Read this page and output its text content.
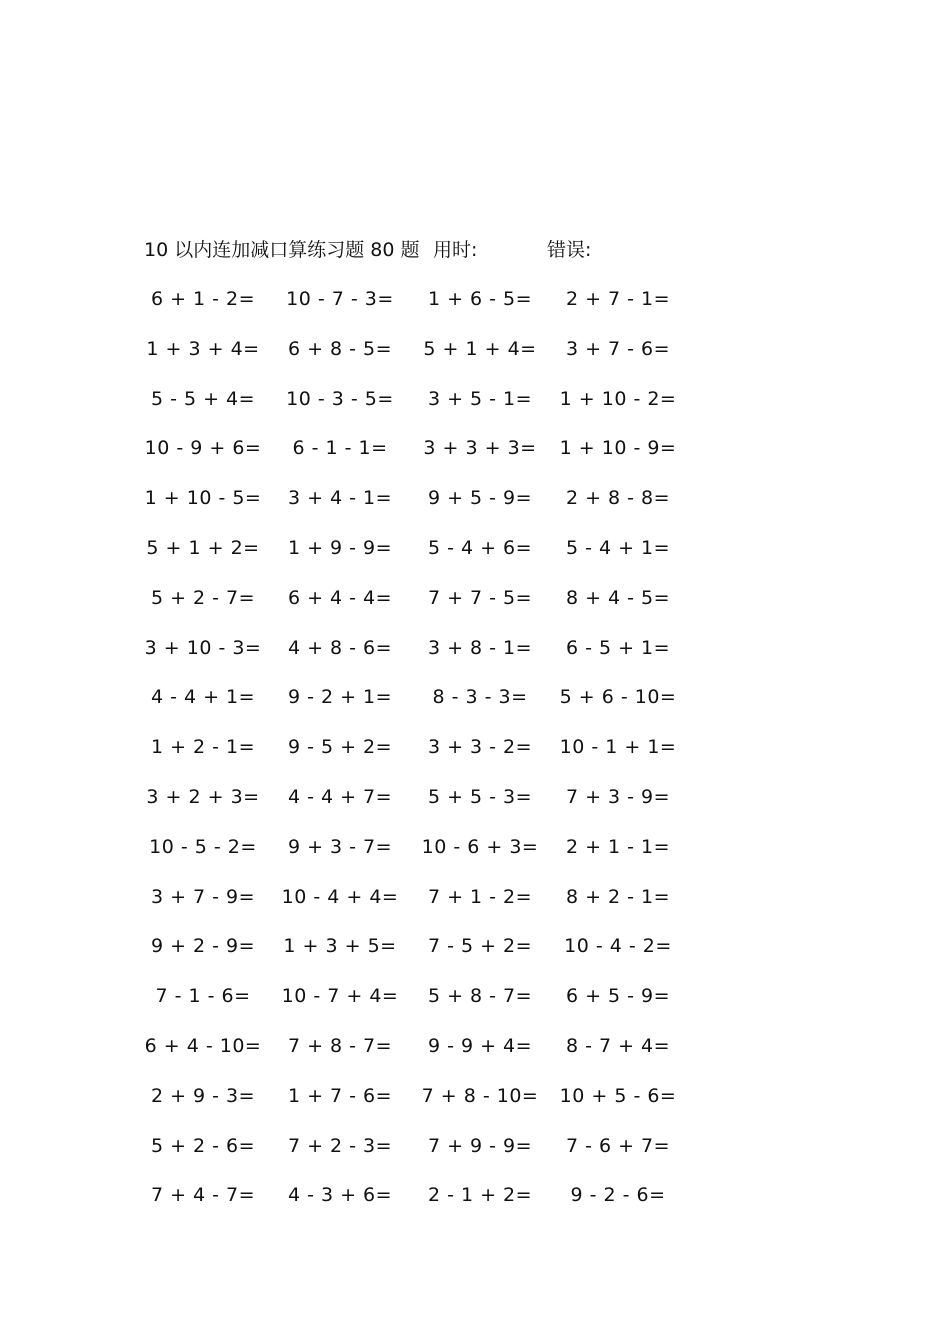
10 以内连加减口算练习题 80 题 用时:	错误:
6 + 1 - 2= 10 - 7 - 3= 1 + 6 - 5= 2 + 7 - 1=
1 + 3 + 4= 6 + 8 - 5= 5 + 1 + 4= 3 + 7 - 6=
5 - 5 + 4= 10 - 3 - 5= 3 + 5 - 1= 1 + 10 - 2=
10 - 9 + 6= 6 - 1 - 1= 3 + 3 + 3= 1 + 10 - 9=
1 + 10 - 5= 3 + 4 - 1= 9 + 5 - 9= 2 + 8 - 8=
5 + 1 + 2= 1 + 9 - 9= 5 - 4 + 6= 5 - 4 + 1=
5 + 2 - 7= 6 + 4 - 4= 7 + 7 - 5= 8 + 4 - 5=
3 + 10 - 3= 4 + 8 - 6= 3 + 8 - 1= 6 - 5 + 1=
4 - 4 + 1= 9 - 2 + 1= 8 - 3 - 3= 5 + 6 - 10=
1 + 2 - 1= 9 - 5 + 2= 3 + 3 - 2= 10 - 1 + 1=
3 + 2 + 3= 4 - 4 + 7= 5 + 5 - 3= 7 + 3 - 9=
10 - 5 - 2= 9 + 3 - 7= 10 - 6 + 3= 2 + 1 - 1=
3 + 7 - 9= 10 - 4 + 4= 7 + 1 - 2= 8 + 2 - 1=
9 + 2 - 9= 1 + 3 + 5= 7 - 5 + 2= 10 - 4 - 2=
7 - 1 - 6= 10 - 7 + 4= 5 + 8 - 7= 6 + 5 - 9=
6 + 4 - 10= 7 + 8 - 7= 9 - 9 + 4= 8 - 7 + 4=
2 + 9 - 3= 1 + 7 - 6= 7 + 8 - 10= 10 + 5 - 6=
5 + 2 - 6= 7 + 2 - 3= 7 + 9 - 9= 7 - 6 + 7=
7 + 4 - 7= 4 - 3 + 6= 2 - 1 + 2= 9 - 2 - 6=
